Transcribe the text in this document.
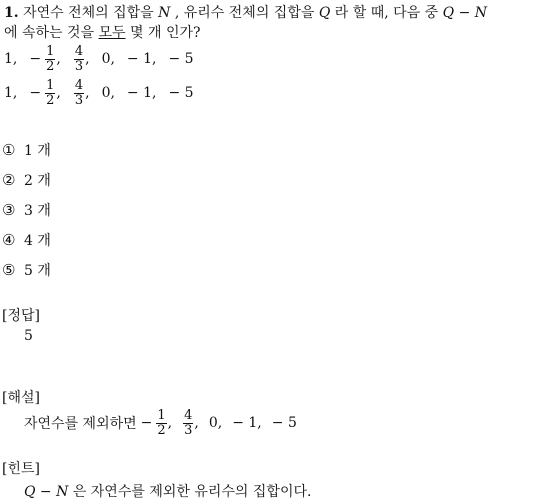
1. 자연수 전체의 집합을 N , 유리수 전체의 집합을 Q 라 할 때, 다음 중 Q − N
에 속하는 것을 모두 몇 개 인가?
1, − $\frac{1}{2}$ , $\frac{4}{3}$ , 0, − 1, − 5
1, − $\frac{1}{2}$ , $\frac{4}{3}$ , 0, − 1, − 5
① 1 개
② 2 개
③ 3 개
④ 4 개
⑤ 5 개
[정답]
5
[해설]
자연수를 제외하면 − $\frac{1}{2}$ , $\frac{4}{3}$ , 0, − 1, − 5
[힌트]
Q − N 은 자연수를 제외한 유리수의 집합이다.
